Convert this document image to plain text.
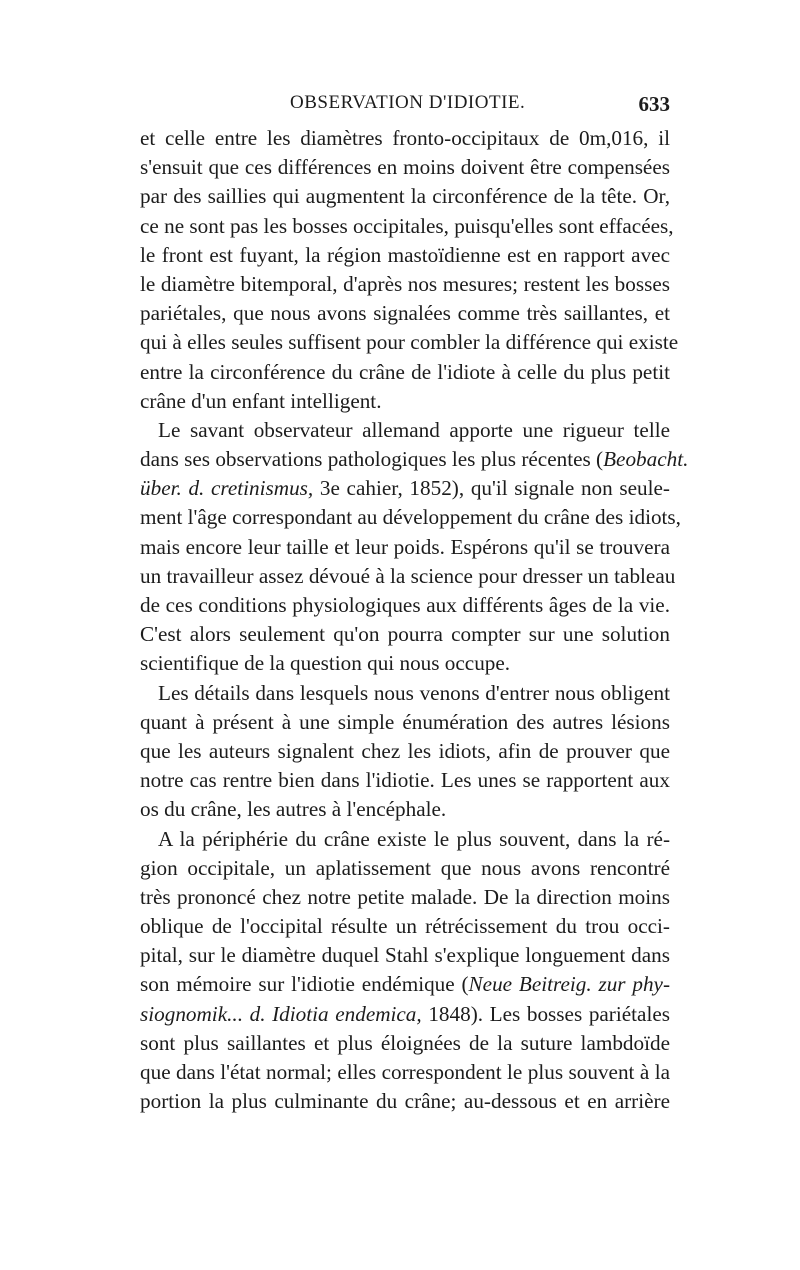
OBSERVATION D'IDIOTIE.	633
et celle entre les diamètres fronto-occipitaux de 0m,016, il
s'ensuit que ces différences en moins doivent être compensées
par des saillies qui augmentent la circonférence de la tête. Or,
ce ne sont pas les bosses occipitales, puisqu'elles sont effacées,
le front est fuyant, la région mastoïdienne est en rapport avec
le diamètre bitemporal, d'après nos mesures; restent les bosses
pariétales, que nous avons signalées comme très saillantes, et
qui à elles seules suffisent pour combler la différence qui existe
entre la circonférence du crâne de l'idiote à celle du plus petit
crâne d'un enfant intelligent.
Le savant observateur allemand apporte une rigueur telle
dans ses observations pathologiques les plus récentes (Beobacht.
über. d. cretinismus, 3e cahier, 1852), qu'il signale non seule-
ment l'âge correspondant au développement du crâne des idiots,
mais encore leur taille et leur poids. Espérons qu'il se trouvera
un travailleur assez dévoué à la science pour dresser un tableau
de ces conditions physiologiques aux différents âges de la vie.
C'est alors seulement qu'on pourra compter sur une solution
scientifique de la question qui nous occupe.
Les détails dans lesquels nous venons d'entrer nous obligent
quant à présent à une simple énumération des autres lésions
que les auteurs signalent chez les idiots, afin de prouver que
notre cas rentre bien dans l'idiotie. Les unes se rapportent aux
os du crâne, les autres à l'encéphale.
A la périphérie du crâne existe le plus souvent, dans la ré-
gion occipitale, un aplatissement que nous avons rencontré
très prononcé chez notre petite malade. De la direction moins
oblique de l'occipital résulte un rétrécissement du trou occi-
pital, sur le diamètre duquel Stahl s'explique longuement dans
son mémoire sur l'idiotie endémique (Neue Beitreig. zur phy-
siognomik... d. Idiotia endemica, 1848). Les bosses pariétales
sont plus saillantes et plus éloignées de la suture lambdoïde
que dans l'état normal; elles correspondent le plus souvent à la
portion la plus culminante du crâne; au-dessous et en arrière
